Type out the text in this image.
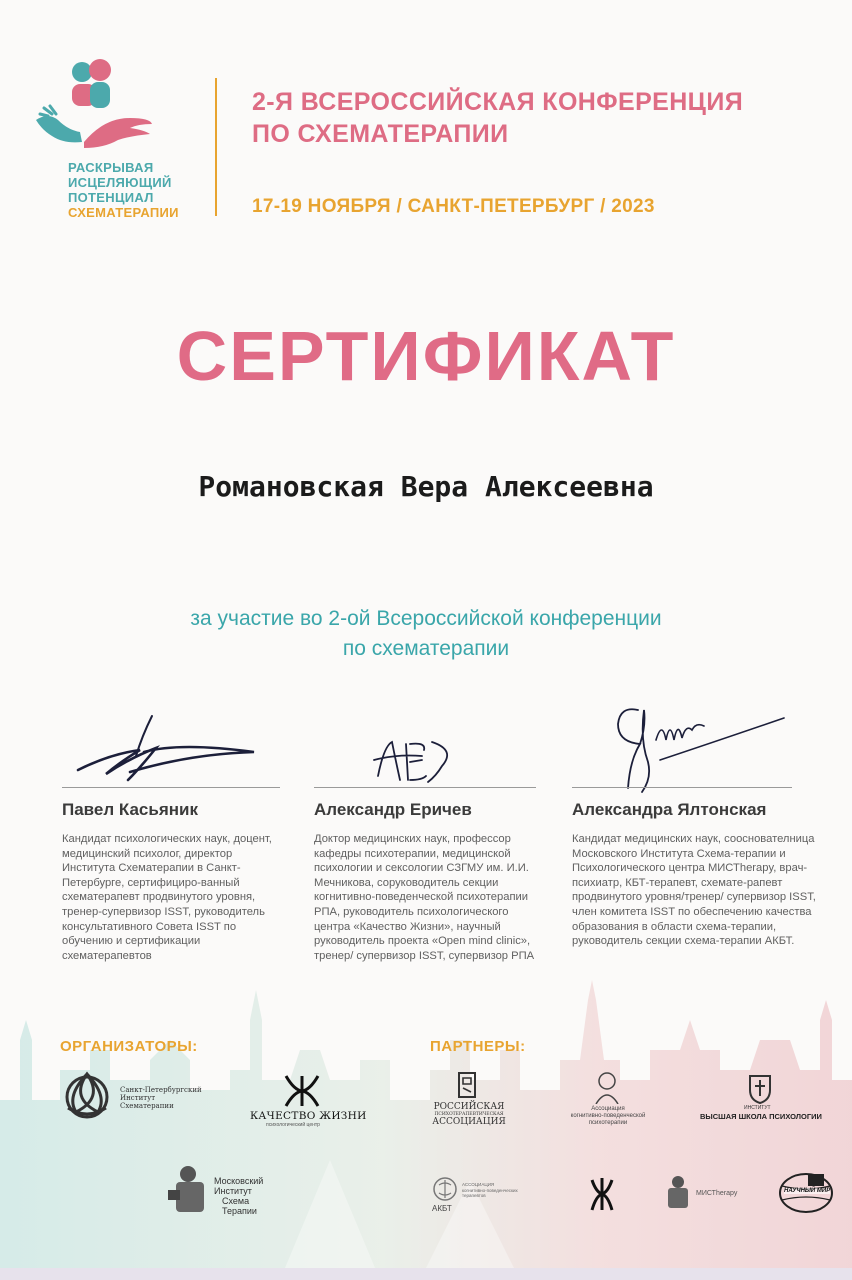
РАСКРЫВАЯ
ИСЦЕЛЯЮЩИЙ
ПОТЕНЦИАЛ
СХЕМАТЕРАПИИ
2-Я ВСЕРОССИЙСКАЯ КОНФЕРЕНЦИЯ
ПО СХЕМАТЕРАПИИ
17-19 НОЯБРЯ / САНКТ-ПЕТЕРБУРГ / 2023
СЕРТИФИКАТ
Романовская Вера Алексеевна
за участие во 2-ой Всероссийской конференции
по схематерапии
Павел Касьяник	Александр Еричев	Александра Ялтонская
Кандидат психологических наук, доцент, медицинский психолог, директор Института Схематерапии в Санкт-Петербурге, сертифициро-ванный схематерапевт продвинутого уровня, тренер-супервизор ISST, руководитель консультативного Совета ISST по обучению и сертификации схематерапевтов
Доктор медицинских наук, профессор кафедры психотерапии, медицинской психологии и сексологии СЗГМУ им. И.И. Мечникова, соруководитель секции когнитивно-поведенческой психотерапии РПА, руководитель психологического центра «Качество Жизни», научный руководитель проекта «Open mind clinic», тренер/ супервизор ISST, супервизор РПА
Кандидат медицинских наук, сооснователница Московского Института Схема-терапии и Психологического центра МИСТherapy, врач-психиатр, КБТ-терапевт, схемате-рапевт продвинутого уровня/тренер/ супервизор ISST, член комитета ISST по обеспечению качества образования в области схема-терапии, руководитель секции схема-терапии АКБТ.
ОРГАНИЗАТОРЫ:
Санкт-Петербургский
Институт
Схематерапии
КАЧЕСТВО ЖИЗНИ
психологический центр
Московский
Институт
Схема
Терапии
ПАРТНЕРЫ:
РОССИЙСКАЯ
ПСИХОТЕРАПЕВТИЧЕСКАЯ
АССОЦИАЦИЯ
Ассоциация
когнитивно-поведенческой
психотерапии
ИНСТИТУТ
ВЫСШАЯ ШКОЛА ПСИХОЛОГИИ
АКБТ
АССОЦИАЦИЯ
когнитивно-поведенческих
терапевтов	МИСТherapy	НАУЧНЫЙ МИР
